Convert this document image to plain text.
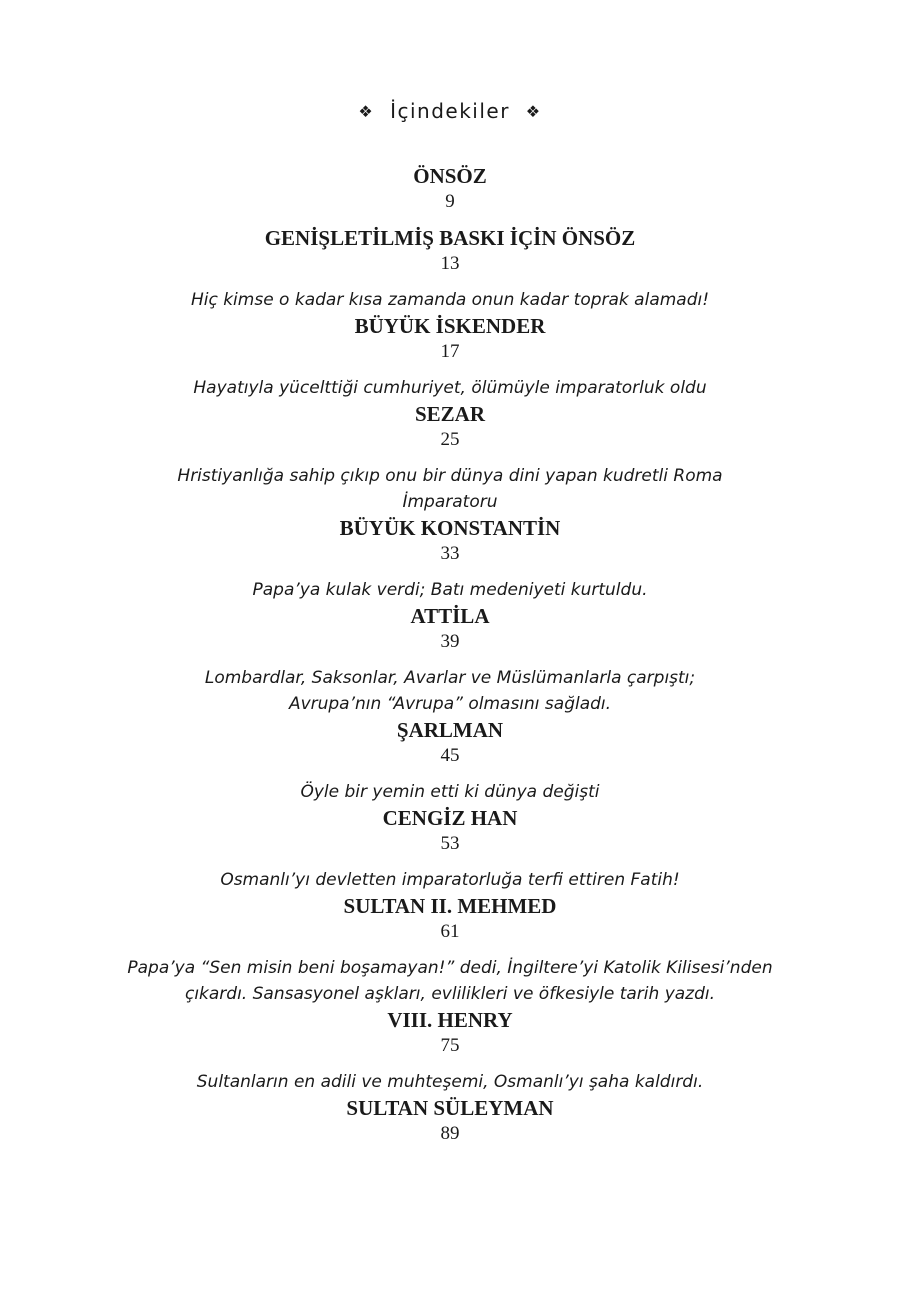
❖ İçindekiler ❖
ÖNSÖZ
9
GENİŞLETİLMİŞ BASKI İÇİN ÖNSÖZ
13
Hiç kimse o kadar kısa zamanda onun kadar toprak alamadı!
BÜYÜK İSKENDER
17
Hayatıyla yücelttiği cumhuriyet, ölümüyle imparatorluk oldu
SEZAR
25
Hristiyanlığa sahip çıkıp onu bir dünya dini yapan kudretli Roma
İmparatoru
BÜYÜK KONSTANTİN
33
Papa’ya kulak verdi; Batı medeniyeti kurtuldu.
ATTİLA
39
Lombardlar, Saksonlar, Avarlar ve Müslümanlarla çarpıştı;
Avrupa’nın “Avrupa” olmasını sağladı.
ŞARLMAN
45
Öyle bir yemin etti ki dünya değişti
CENGİZ HAN
53
Osmanlı’yı devletten imparatorluğa terfi ettiren Fatih!
SULTAN II. MEHMED
61
Papa’ya “Sen misin beni boşamayan!” dedi, İngiltere’yi Katolik Kilisesi’nden
çıkardı. Sansasyonel aşkları, evlilikleri ve öfkesiyle tarih yazdı.
VIII. HENRY
75
Sultanların en adili ve muhteşemi, Osmanlı’yı şaha kaldırdı.
SULTAN SÜLEYMAN
89
